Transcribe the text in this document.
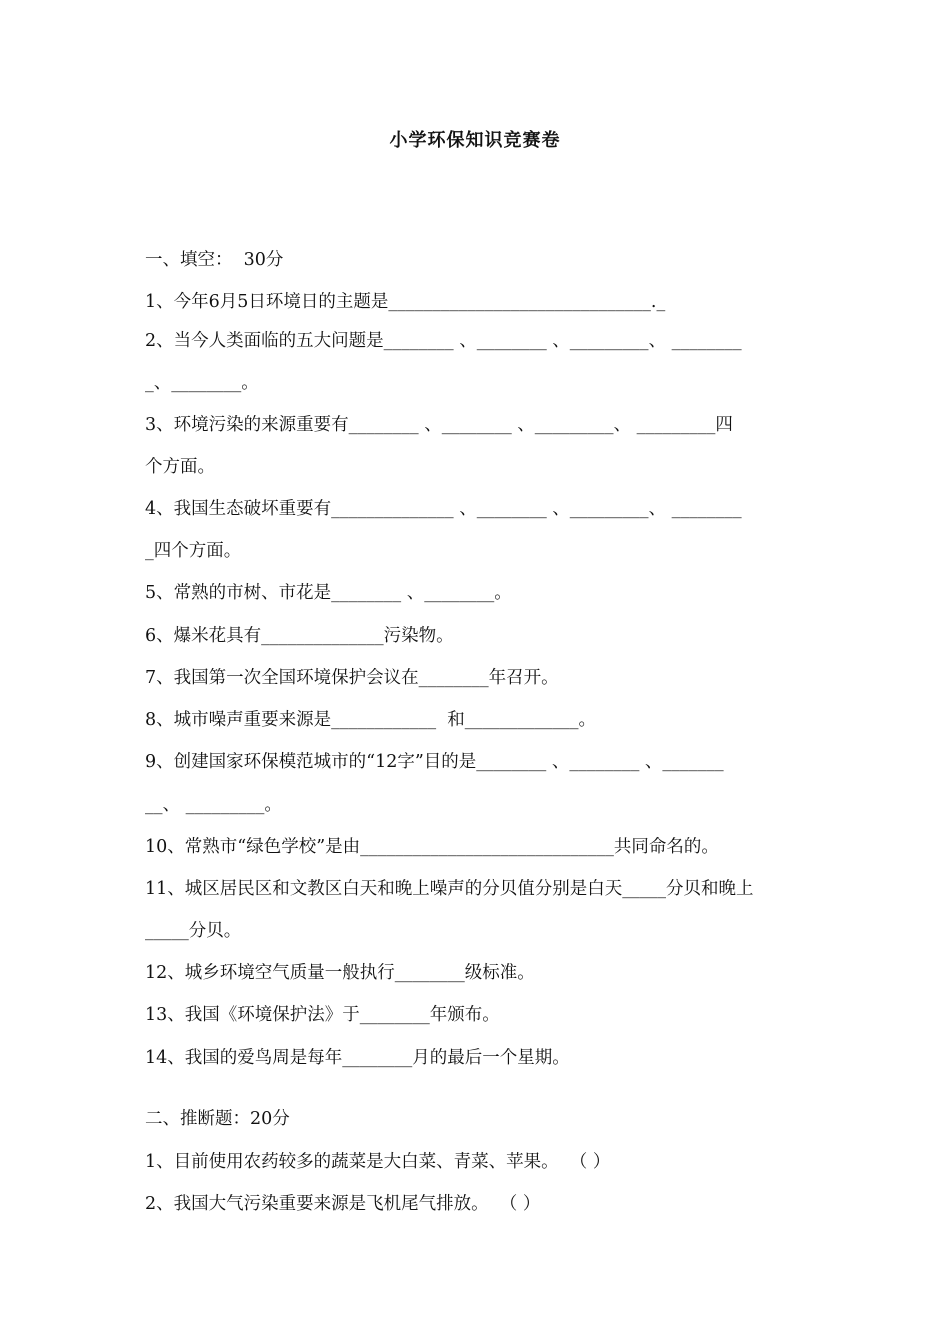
小学环保知识竞赛卷
一、填空：  30分
1、今年6月5日环境日的主题是______________________________._
2、当今人类面临的五大问题是________ 、________ 、_________、 ________
_、________。
3、环境污染的来源重要有________ 、________ 、_________、 _________四
个方面。
4、我国生态破坏重要有______________ 、________ 、_________、 ________
_四个方面。
5、常熟的市树、市花是________ 、________。
6、爆米花具有______________污染物。
7、我国第一次全国环境保护会议在________年召开。
8、城市噪声重要来源是____________  和_____________。
9、创建国家环保模范城市的“12字”目的是________ 、________ 、_______
__、 _________。
10、常熟市“绿色学校”是由_____________________________共同命名的。
11、城区居民区和文教区白天和晚上噪声的分贝值分别是白天_____分贝和晚上
_____分贝。
12、城乡环境空气质量一般执行________级标准。
13、我国《环境保护法》于________年颁布。
14、我国的爱鸟周是每年________月的最后一个星期。
二、推断题：20分
1、目前使用农药较多的蔬菜是大白菜、青菜、苹果。  （ ）
2、我国大气污染重要来源是飞机尾气排放。  （ ）
